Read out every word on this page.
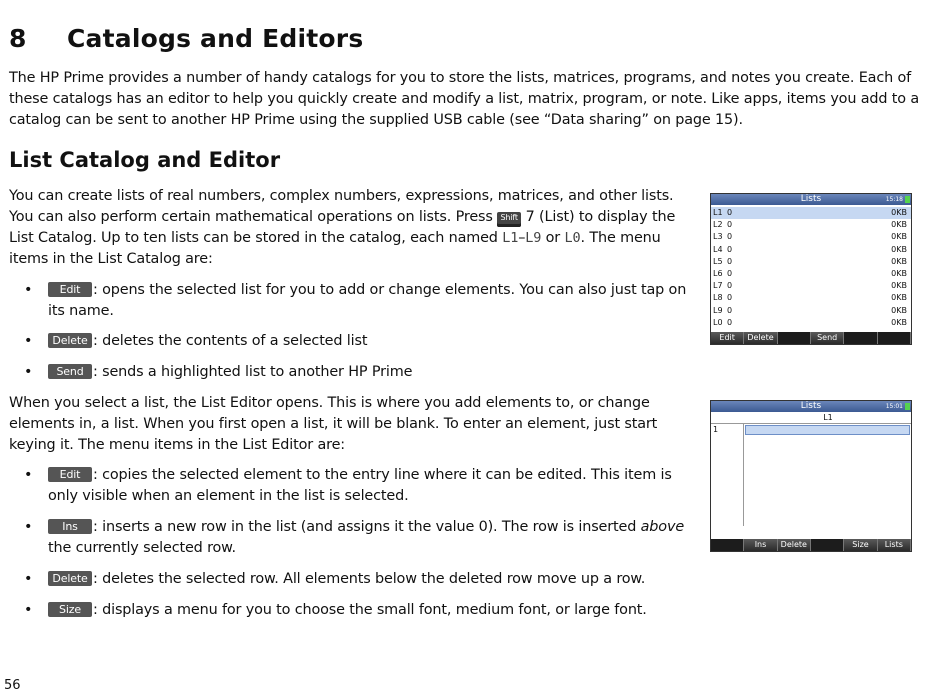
8 Catalogs and Editors

The HP Prime provides a number of handy catalogs for you to store the lists, matrices, programs, and notes you create. Each of these catalogs has an editor to help you quickly create and modify a list, matrix, program, or note. Like apps, items you add to a catalog can be sent to another HP Prime using the supplied USB cable (see “Data sharing” on page 15).

List Catalog and Editor

You can create lists of real numbers, complex numbers, expressions, matrices, and other lists. You can also perform certain mathematical operations on lists. Press Shift 7 (List) to display the List Catalog. Up to ten lists can be stored in the catalog, each named L1–L9 or L0. The menu items in the List Catalog are:

•	Edit : opens the selected list for you to add or change elements. You can also just tap on its name.
•	Delete : deletes the contents of a selected list
•	Send : sends a highlighted list to another HP Prime

When you select a list, the List Editor opens. This is where you add elements to, or change elements in, a list. When you first open a list, it will be blank. To enter an element, just start keying it. The menu items in the List Editor are:

•	Edit : copies the selected element to the entry line where it can be edited. This item is only visible when an element in the list is selected.
•	Ins : inserts a new row in the list (and assigns it the value 0). The row is inserted above the currently selected row.
•	Delete : deletes the selected row. All elements below the deleted row move up a row.
•	Size : displays a menu for you to choose the small font, medium font, or large font.

56

Lists	15:18
L1 0	0KB
L2 0	0KB
L3 0	0KB
L4 0	0KB
L5 0	0KB
L6 0	0KB
L7 0	0KB
L8 0	0KB
L9 0	0KB
L0 0	0KB
Edit	Delete	Send
Lists	15:01
L1
1
Ins	Delete	Size	Lists
